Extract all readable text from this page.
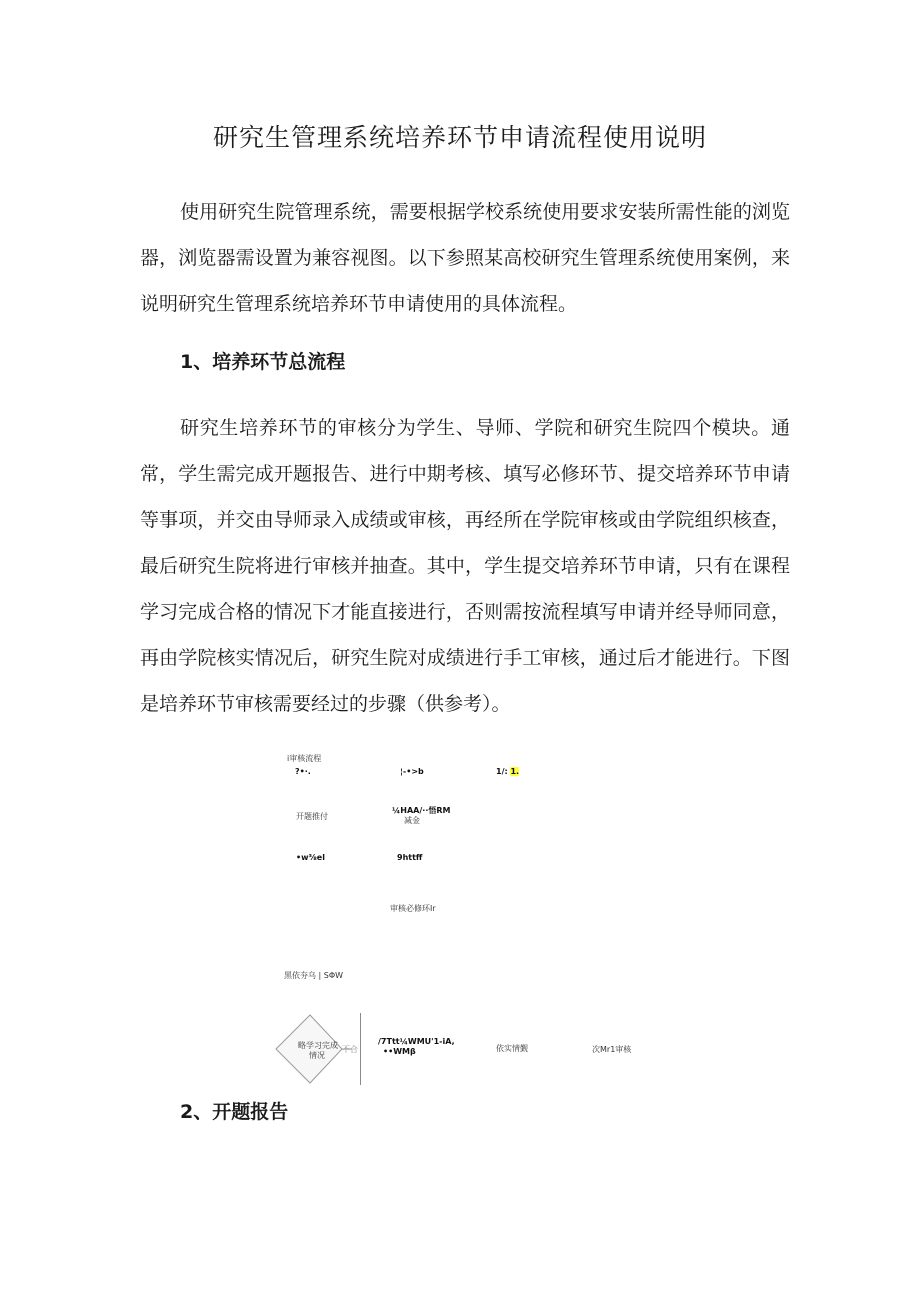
研究生管理系统培养环节申请流程使用说明

使用研究生院管理系统，需要根据学校系统使用要求安装所需性能的浏览器，浏览器需设置为兼容视图。以下参照某高校研究生管理系统使用案例，来说明研究生管理系统培养环节申请使用的具体流程。

1、培养环节总流程

研究生培养环节的审核分为学生、导师、学院和研究生院四个模块。通常，学生需完成开题报告、进行中期考核、填写必修环节、提交培养环节申请等事项，并交由导师录入成绩或审核，再经所在学院审核或由学院组织核查，最后研究生院将进行审核并抽查。其中，学生提交培养环节申请，只有在课程学习完成合格的情况下才能直接进行，否则需按流程填写申请并经导师同意，再由学院核实情况后，研究生院对成绩进行手工审核，通过后才能进行。下图是培养环节审核需要经过的步骤（供参考）。

i审核流程
?•·.	¦-•>b	1/: 1.
开题推付
¼HAA/··悟RM
减金
•w⅜el	9httff
审核必修环Ir
黑依夯乌 | SΦW
略学习完成
情况
不合
/7Ttt¼WMU'1-iA,
••WMβ	依实情觐	次Mr1审核
2、开题报告
